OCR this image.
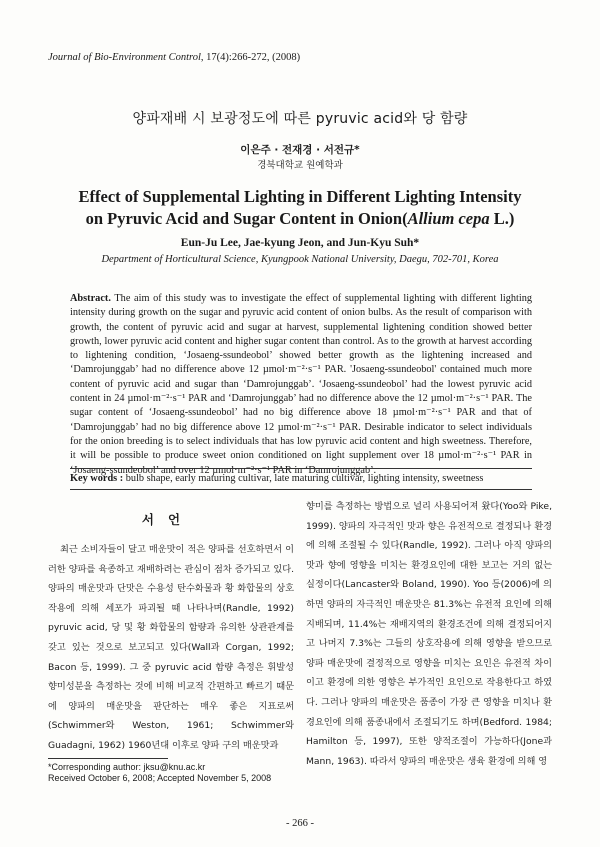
Journal of Bio-Environment Control, 17(4):266-272, (2008)
양파재배 시 보광정도에 따른 pyruvic acid와 당 함량
이은주 · 전재경 · 서전규*
경북대학교 원예학과
Effect of Supplemental Lighting in Different Lighting Intensity
on Pyruvic Acid and Sugar Content in Onion(Allium cepa L.)
Eun-Ju Lee, Jae-kyung Jeon, and Jun-Kyu Suh*
Department of Horticultural Science, Kyungpook National University, Daegu, 702-701, Korea
Abstract. The aim of this study was to investigate the effect of supplemental lighting with different lighting intensity during growth on the sugar and pyruvic acid content of onion bulbs. As the result of comparison with growth, the content of pyruvic acid and sugar at harvest, supplemental lightening condition showed better growth, lower pyruvic acid content and higher sugar content than control. As to the growth at harvest according to lightening condition, ‘Josaeng-ssundeobol’ showed better growth as the lightening increased and ‘Damrojunggab’ had no difference above 12 µmol·m⁻²·s⁻¹ PAR. 'Josaeng-ssundeobol' contained much more content of pyruvic acid and sugar than ‘Damrojunggab’. ‘Josaeng-ssundeobol’ had the lowest pyruvic acid content in 24 µmol·m⁻²·s⁻¹ PAR and ‘Damrojunggab’ had no difference above the 12 µmol·m⁻²·s⁻¹ PAR. The sugar content of ‘Josaeng-ssundeobol’ had no big difference above 18 µmol·m⁻²·s⁻¹ PAR and that of ‘Damrojunggab’ had no big difference above 12 µmol·m⁻²·s⁻¹ PAR. Desirable indicator to select individuals for the onion breeding is to select individuals that has low pyruvic acid content and high sweetness. Therefore, it will be possible to produce sweet onion conditioned on light supplement over 18 µmol·m⁻²·s⁻¹ PAR in ‘Josaeng-ssundeobol’ and over 12 µmol·m⁻²·s⁻¹ PAR in ‘Damrojunggab’.
Key words : bulb shape, early maturing cultivar, late maturing cultivar, lighting intensity, sweetness
서언

최근 소비자들이 달고 매운맛이 적은 양파를 선호하면서 이러한 양파를 육종하고 재배하려는 관심이 점차 증가되고 있다. 양파의 매운맛과 단맛은 수용성 탄수화물과 황 화합물의 상호작용에 의해 세포가 파괴될 때 나타나며(Randle, 1992) pyruvic acid, 당 및 황 화합물의 함량과 유의한 상관관계를 갖고 있는 것으로 보고되고 있다(Wall과 Corgan, 1992; Bacon 등, 1999). 그 중 pyruvic acid 함량 측정은 휘발성 향미성분을 측정하는 것에 비해 비교적 간편하고 빠르기 때문에 양파의 매운맛을 판단하는 매우 좋은 지표로써 (Schwimmer와 Weston, 1961; Schwimmer와 Guadagni, 1962) 1960년대 이후로 양파 구의 매운맛과

향미를 측정하는 방법으로 널리 사용되어져 왔다(Yoo와 Pike, 1999). 양파의 자극적인 맛과 향은 유전적으로 결정되나 환경에 의해 조절될 수 있다(Randle, 1992). 그러나 아직 양파의 맛과 향에 영향을 미치는 환경요인에 대한 보고는 거의 없는 실정이다(Lancaster와 Boland, 1990). Yoo 등(2006)에 의하면 양파의 자극적인 매운맛은 81.3%는 유전적 요인에 의해 지배되며, 11.4%는 재배지역의 환경조건에 의해 결정되어지고 나머지 7.3%는 그들의 상호작용에 의해 영향을 받으므로 양파 매운맛에 결정적으로 영향을 미치는 요인은 유전적 차이이고 환경에 의한 영향은 부가적인 요인으로 작용한다고 하였다. 그러나 양파의 매운맛은 품종이 가장 큰 영향을 미치나 환경요인에 의해 품종내에서 조절되기도 하며(Bedford. 1984; Hamilton 등, 1997), 또한 양적조절이 가능하다(Jone과 Mann, 1963). 따라서 양파의 매운맛은 생육 환경에 의해 영

*Corresponding author: jksu@knu.ac.kr
Received October 6, 2008; Accepted November 5, 2008
- 266 -
